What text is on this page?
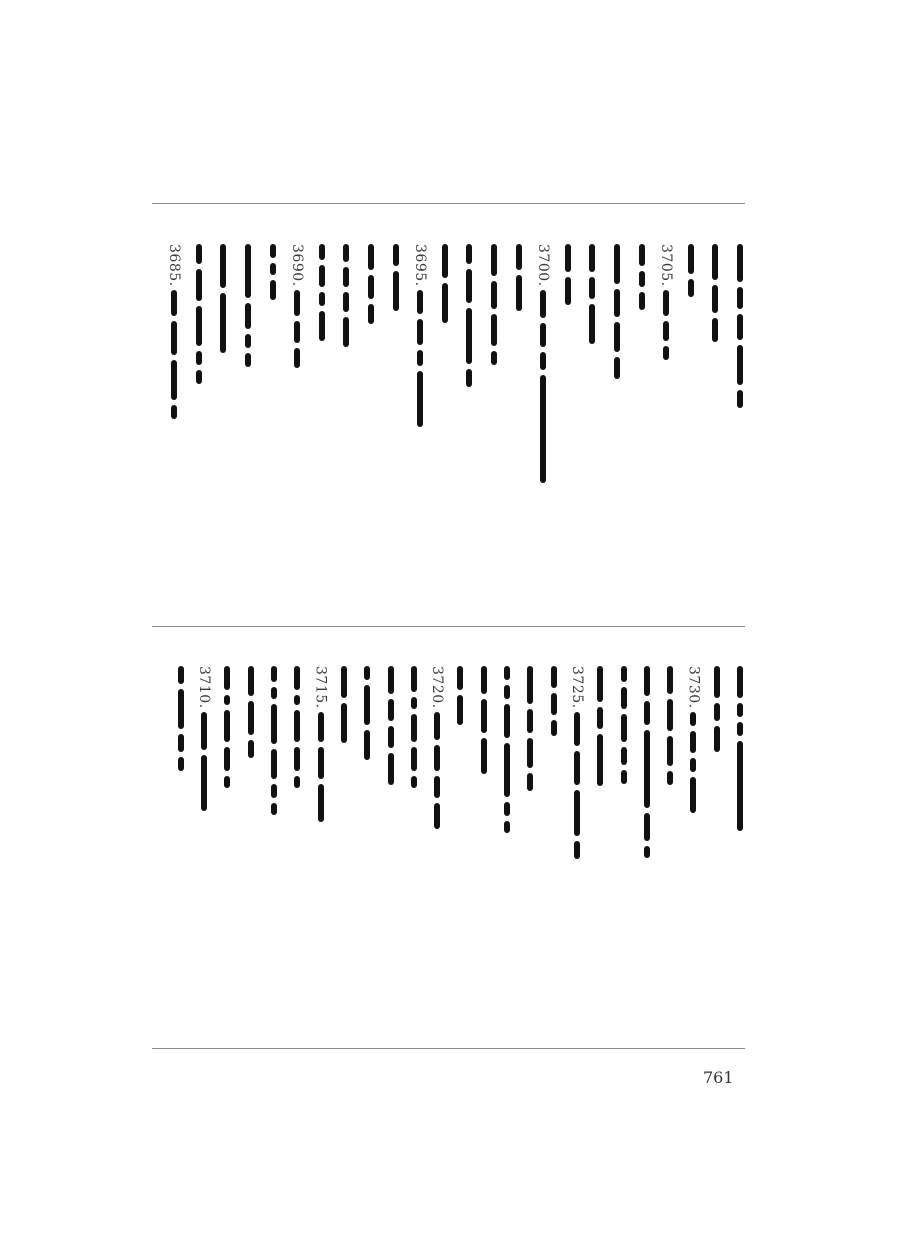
3705.
3700.
3695.
3690.
3685.
3730.
3725.
3720.
3715.
3710.
761
